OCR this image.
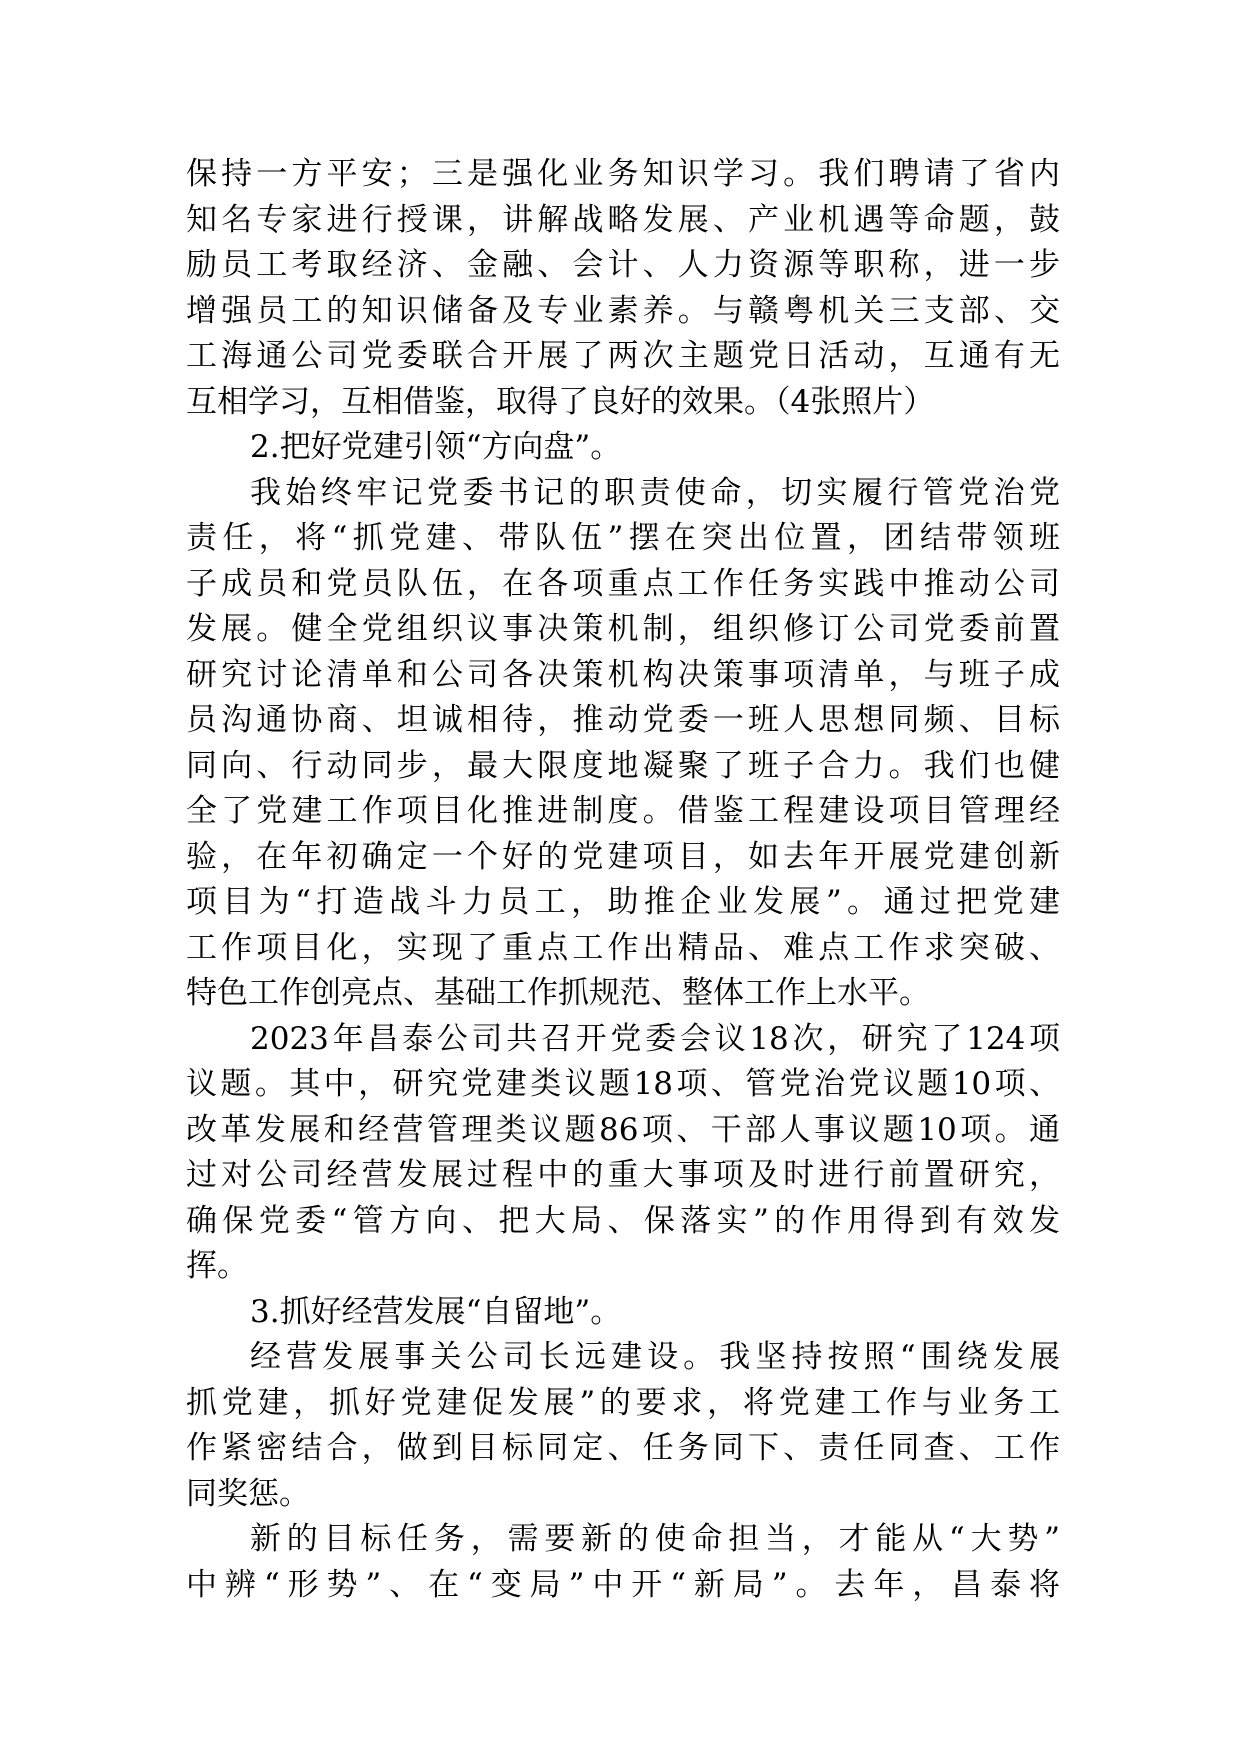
保持一方平安；三是强化业务知识学习。我们聘请了省内
知名专家进行授课，讲解战略发展、产业机遇等命题，鼓
励员工考取经济、金融、会计、人力资源等职称，进一步
增强员工的知识储备及专业素养。与赣粤机关三支部、交
工海通公司党委联合开展了两次主题党日活动，互通有无
互相学习，互相借鉴，取得了良好的效果。（4张照片）
2.把好党建引领“方向盘”。
我始终牢记党委书记的职责使命，切实履行管党治党
责任，将“抓党建、带队伍”摆在突出位置，团结带领班
子成员和党员队伍，在各项重点工作任务实践中推动公司
发展。健全党组织议事决策机制，组织修订公司党委前置
研究讨论清单和公司各决策机构决策事项清单，与班子成
员沟通协商、坦诚相待，推动党委一班人思想同频、目标
同向、行动同步，最大限度地凝聚了班子合力。我们也健
全了党建工作项目化推进制度。借鉴工程建设项目管理经
验，在年初确定一个好的党建项目，如去年开展党建创新
项目为“打造战斗力员工，助推企业发展”。通过把党建
工作项目化，实现了重点工作出精品、难点工作求突破、
特色工作创亮点、基础工作抓规范、整体工作上水平。
2023年昌泰公司共召开党委会议18次，研究了124项
议题。其中，研究党建类议题18项、管党治党议题10项、
改革发展和经营管理类议题86项、干部人事议题10项。通
过对公司经营发展过程中的重大事项及时进行前置研究，
确保党委“管方向、把大局、保落实”的作用得到有效发
挥。
3.抓好经营发展“自留地”。
经营发展事关公司长远建设。我坚持按照“围绕发展
抓党建，抓好党建促发展”的要求，将党建工作与业务工
作紧密结合，做到目标同定、任务同下、责任同查、工作
同奖惩。
新的目标任务，需要新的使命担当，才能从“大势”
中辨“形势”、在“变局”中开“新局”。去年，昌泰将
